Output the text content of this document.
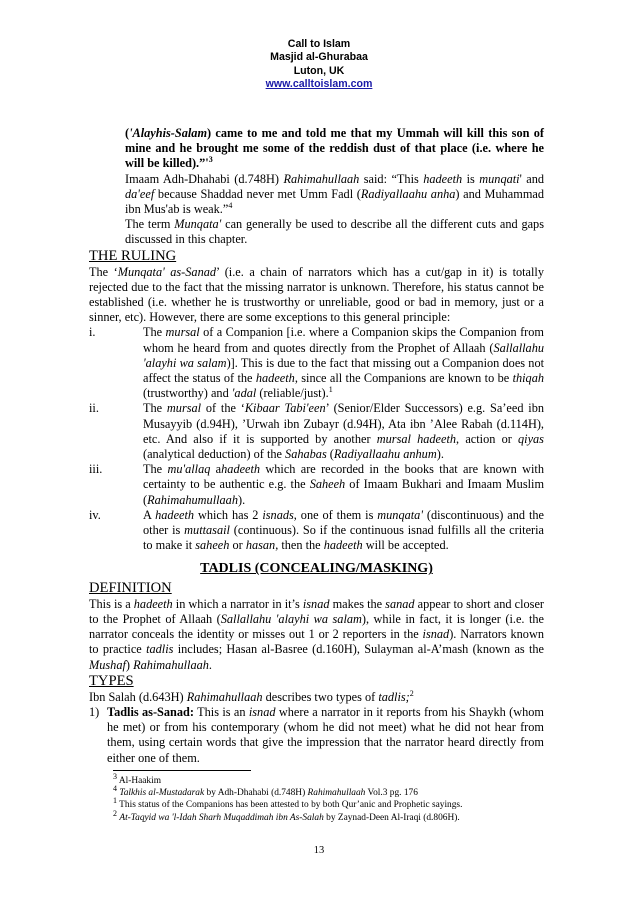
Call to Islam
Masjid al-Ghurabaa
Luton, UK
www.calltoislam.com
('Alayhis-Salam) came to me and told me that my Ummah will kill this son of mine and he brought me some of the reddish dust of that place (i.e. where he will be $killed).”'^3$
Imaam Adh-Dhahabi (d.748H) Rahimahullaah said: “This hadeeth is munqati' and da'eef because Shaddad never met Umm Fadl (Radiyallaahu anha) and Muhammad ibn Mus'ab is weak.”$^4$
The term Munqata' can generally be used to describe all the different cuts and gaps discussed in this chapter.
THE RULING
The ‘Munqata' as-Sanad’ (i.e. a chain of narrators which has a cut/gap in it) is totally rejected due to the fact that the missing narrator is unknown. Therefore, his status cannot be established (i.e. whether he is trustworthy or unreliable, good or bad in memory, just or a sinner, etc). However, there are some exceptions to this general principle:
i.	The mursal of a Companion [i.e. where a Companion skips the Companion from whom he heard from and quotes directly from the Prophet of Allaah (Sallallahu 'alayhi wa salam)]. This is due to the fact that missing out a Companion does not affect the status of the hadeeth, since all the Companions are known to be thiqah (trustworthy) and 'adal (reliable/just).$^1$
ii.	The mursal of the ‘Kibaar Tabi'een’ (Senior/Elder Successors) e.g. Sa’eed ibn Musayyib (d.94H), ’Urwah ibn Zubayr (d.94H), Ata ibn ’Alee Rabah (d.114H), etc. And also if it is supported by another mursal hadeeth, action or qiyas (analytical deduction) of the Sahabas (Radiyallaahu anhum).
iii.	The mu'allaq ahadeeth which are recorded in the books that are known with certainty to be authentic e.g. the Saheeh of Imaam Bukhari and Imaam Muslim (Rahimahumullaah).
iv.	A hadeeth which has 2 isnads, one of them is munqata' (discontinuous) and the other is muttasail (continuous). So if the continuous isnad fulfills all the criteria to make it saheeh or hasan, then the hadeeth will be accepted.
TADLIS (CONCEALING/MASKING)
DEFINITION
This is a hadeeth in which a narrator in it’s isnad makes the sanad appear to short and closer to the Prophet of Allaah (Sallallahu 'alayhi wa salam), while in fact, it is longer (i.e. the narrator conceals the identity or misses out 1 or 2 reporters in the isnad). Narrators known to practice tadlis includes; Hasan al-Basree (d.160H), Sulayman al-A’mash (known as the Mushaf) Rahimahullaah.
TYPES
Ibn Salah (d.643H) Rahimahullaah describes two types of tadlis;$^2$
1) Tadlis as-Sanad: This is an isnad where a narrator in it reports from his Shaykh (whom he met) or from his contemporary (whom he did not meet) what he did not hear from them, using certain words that give the impression that the narrator heard directly from either one of them.
$^3$ Al-Haakim
$^4$ Talkhis al-Mustadarak by Adh-Dhahabi (d.748H) Rahimahullaah Vol.3 pg. 176
$^1$ This status of the Companions has been attested to by both Qur’anic and Prophetic sayings.
$^2$ At-Taqyid wa 'l-Idah Sharh Muqaddimah ibn As-Salah by Zaynad-Deen Al-Iraqi (d.806H).
13
